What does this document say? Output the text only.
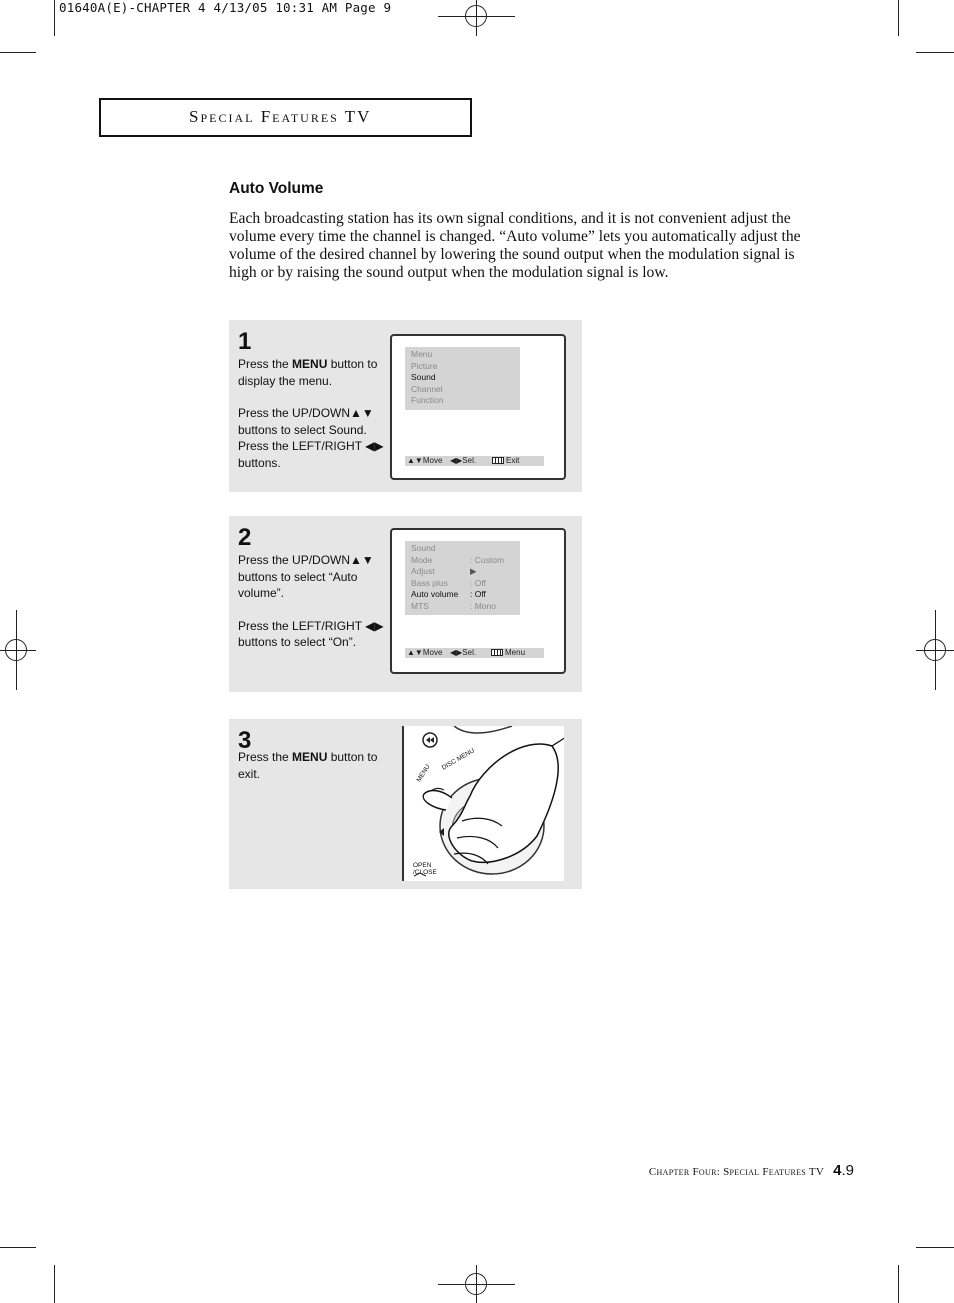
01640A(E)-CHAPTER 4 4/13/05 10:31 AM Page 9
Special Features TV
Auto Volume
Each broadcasting station has its own signal conditions, and it is not convenient adjust the volume every time the channel is changed. “Auto volume” lets you automatically adjust the volume of the desired channel by lowering the sound output when the modulation signal is high or by raising the sound output when the modulation signal is low.
1

Press the MENU button to display the menu.

Press the UP/DOWN▲▼ buttons to select Sound. Press the LEFT/RIGHT ◀▶ buttons.

Menu
Picture
Sound
Channel
Function
▲▼Move ◀▶Sel.	Exit
2

Press the UP/DOWN▲▼ buttons to select “Auto volume”.

Press the LEFT/RIGHT ◀▶ buttons to select “On”.

Sound
Mode	: Custom
Adjust	▶
Bass plus	: Off
Auto volume	: Off
MTS	: Mono
▲▼Move ◀▶Sel.	Menu
3

Press the MENU button to exit.	MENU
DISC MENU
OPEN /CLOSE
Chapter Four: Special Features TV 4.9
